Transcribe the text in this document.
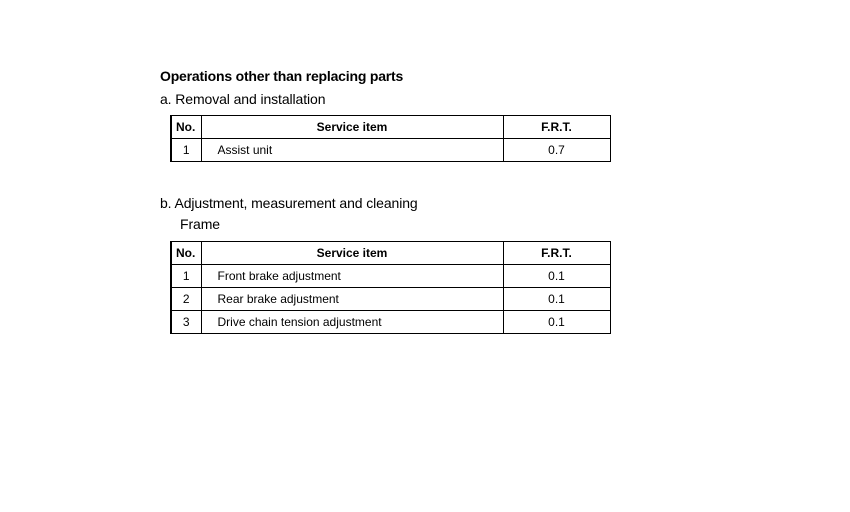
Operations other than replacing parts
a. Removal and installation
No.	Service item	F.R.T.
1	Assist unit	0.7
b. Adjustment, measurement and cleaning
Frame
No.	Service item	F.R.T.
1	Front brake adjustment	0.1
2	Rear brake adjustment	0.1
3	Drive chain tension adjustment	0.1
